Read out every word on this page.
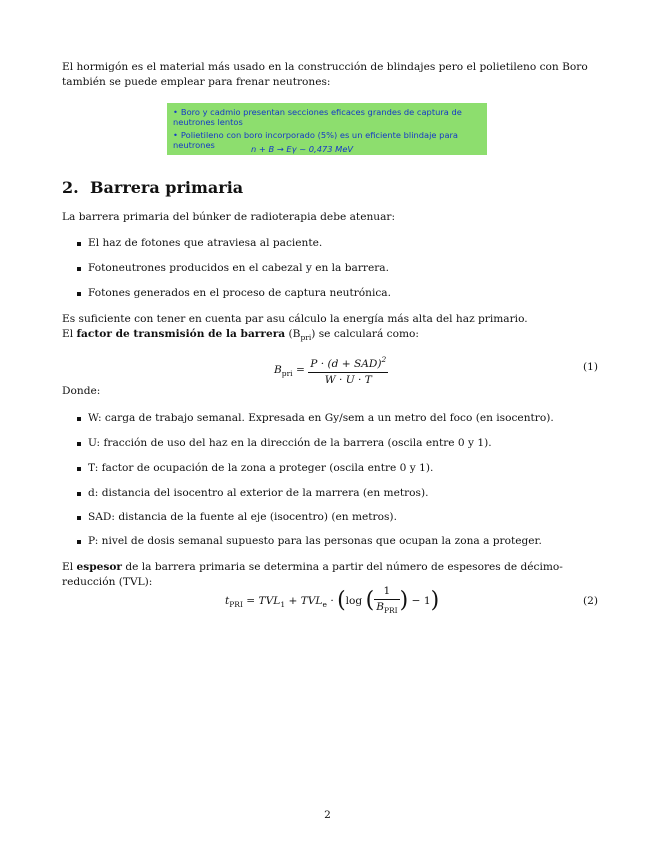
El hormigón es el material más usado en la construcción de blindajes pero el polietileno con Boro también se puede emplear para frenar neutrones:

• Boro y cadmio presentan secciones eficaces grandes de captura de neutrones lentos
• Polietileno con boro incorporado (5%) es un eficiente blindaje para neutrones	n + B → Eγ ~ 0,473 MeV
2. Barrera primaria

La barrera primaria del búnker de radioterapia debe atenuar:

El haz de fotones que atraviesa al paciente.
Fotoneutrones producidos en el cabezal y en la barrera.
Fotones generados en el proceso de captura neutrónica.

Es suficiente con tener en cuenta par asu cálculo la energía más alta del haz primario.

El factor de transmisión de la barrera $(B_{pri})$ se calculará como:

$B_{pri} = \frac{P \cdot (d + SAD)^2}{W \cdot U \cdot T}$	(1)

Donde:

W: carga de trabajo semanal. Expresada en Gy/sem a un metro del foco (en isocentro).
U: fracción de uso del haz en la dirección de la barrera (oscila entre 0 y 1).
T: factor de ocupación de la zona a proteger (oscila entre 0 y 1).
d: distancia del isocentro al exterior de la marrera (en metros).
SAD: distancia de la fuente al eje (isocentro) (en metros).
P: nivel de dosis semanal supuesto para las personas que ocupan la zona a proteger.

El espesor de la barrera primaria se determina a partir del número de espesores de décimo-reducción (TVL):

$t_{PRI} = TVL_1 + TVL_e \cdot (\log$ ( $\frac{1}{B_{PRI}}$ ) − 1)	(2)
2
